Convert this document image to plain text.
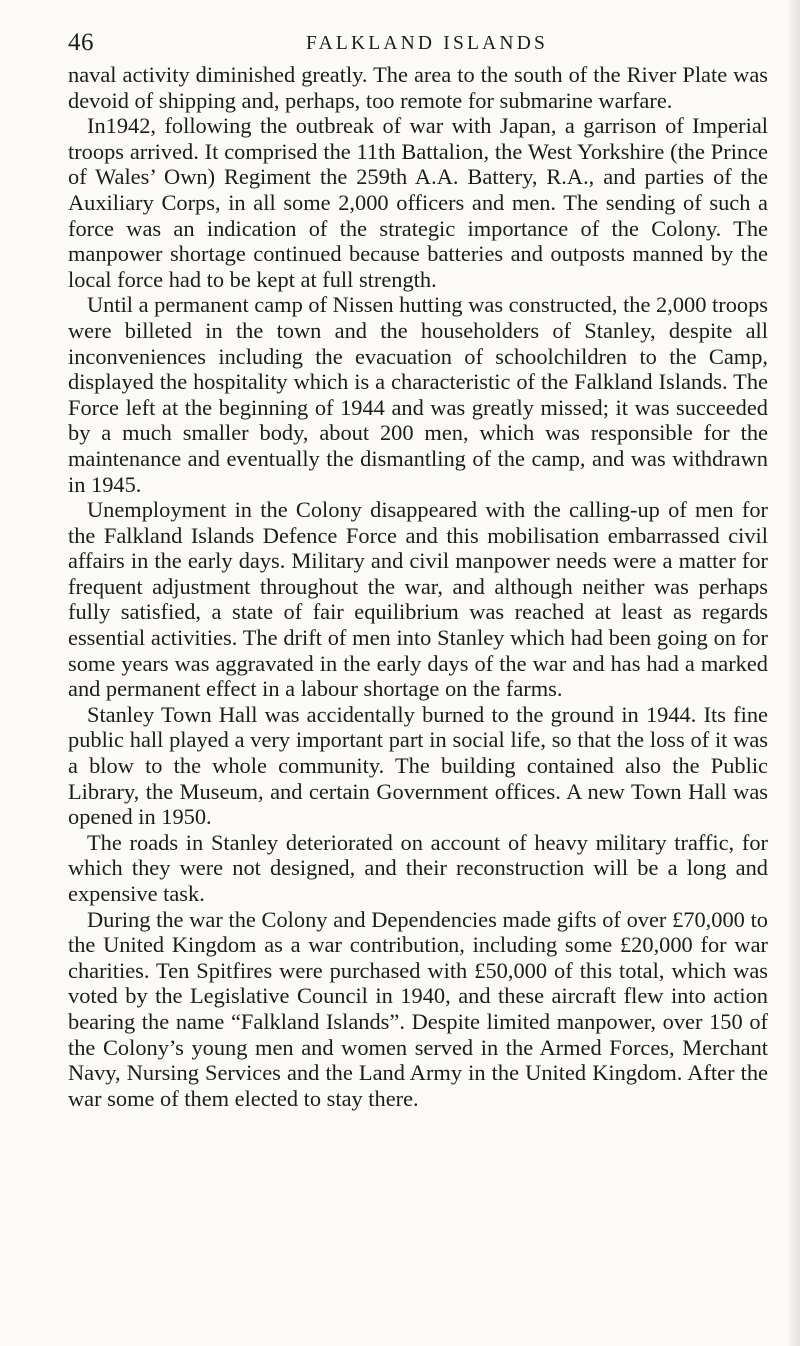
46	FALKLAND ISLANDS

naval activity diminished greatly. The area to the south of the River Plate was devoid of shipping and, perhaps, too remote for submarine warfare.

In1942, following the outbreak of war with Japan, a garrison of Imperial troops arrived. It comprised the 11th Battalion, the West Yorkshire (the Prince of Wales’ Own) Regiment the 259th A.A. Battery, R.A., and parties of the Auxiliary Corps, in all some 2,000 officers and men. The sending of such a force was an indication of the strategic importance of the Colony. The manpower shortage continued because batteries and outposts manned by the local force had to be kept at full strength.

Until a permanent camp of Nissen hutting was constructed, the 2,000 troops were billeted in the town and the householders of Stanley, despite all inconveniences including the evacuation of schoolchildren to the Camp, displayed the hospitality which is a characteristic of the Falkland Islands. The Force left at the beginning of 1944 and was greatly missed; it was succeeded by a much smaller body, about 200 men, which was responsible for the maintenance and eventually the dismantling of the camp, and was withdrawn in 1945.

Unemployment in the Colony disappeared with the calling-up of men for the Falkland Islands Defence Force and this mobilisation embarrassed civil affairs in the early days. Military and civil manpower needs were a matter for frequent adjustment throughout the war, and although neither was perhaps fully satisfied, a state of fair equilibrium was reached at least as regards essential activities. The drift of men into Stanley which had been going on for some years was aggravated in the early days of the war and has had a marked and permanent effect in a labour shortage on the farms.

Stanley Town Hall was accidentally burned to the ground in 1944. Its fine public hall played a very important part in social life, so that the loss of it was a blow to the whole community. The building contained also the Public Library, the Museum, and certain Government offices. A new Town Hall was opened in 1950.

The roads in Stanley deteriorated on account of heavy military traffic, for which they were not designed, and their reconstruction will be a long and expensive task.

During the war the Colony and Dependencies made gifts of over £70,000 to the United Kingdom as a war contribution, including some £20,000 for war charities. Ten Spitfires were purchased with £50,000 of this total, which was voted by the Legislative Council in 1940, and these aircraft flew into action bearing the name “Falkland Islands”. Despite limited manpower, over 150 of the Colony’s young men and women served in the Armed Forces, Merchant Navy, Nursing Services and the Land Army in the United Kingdom. After the war some of them elected to stay there.
